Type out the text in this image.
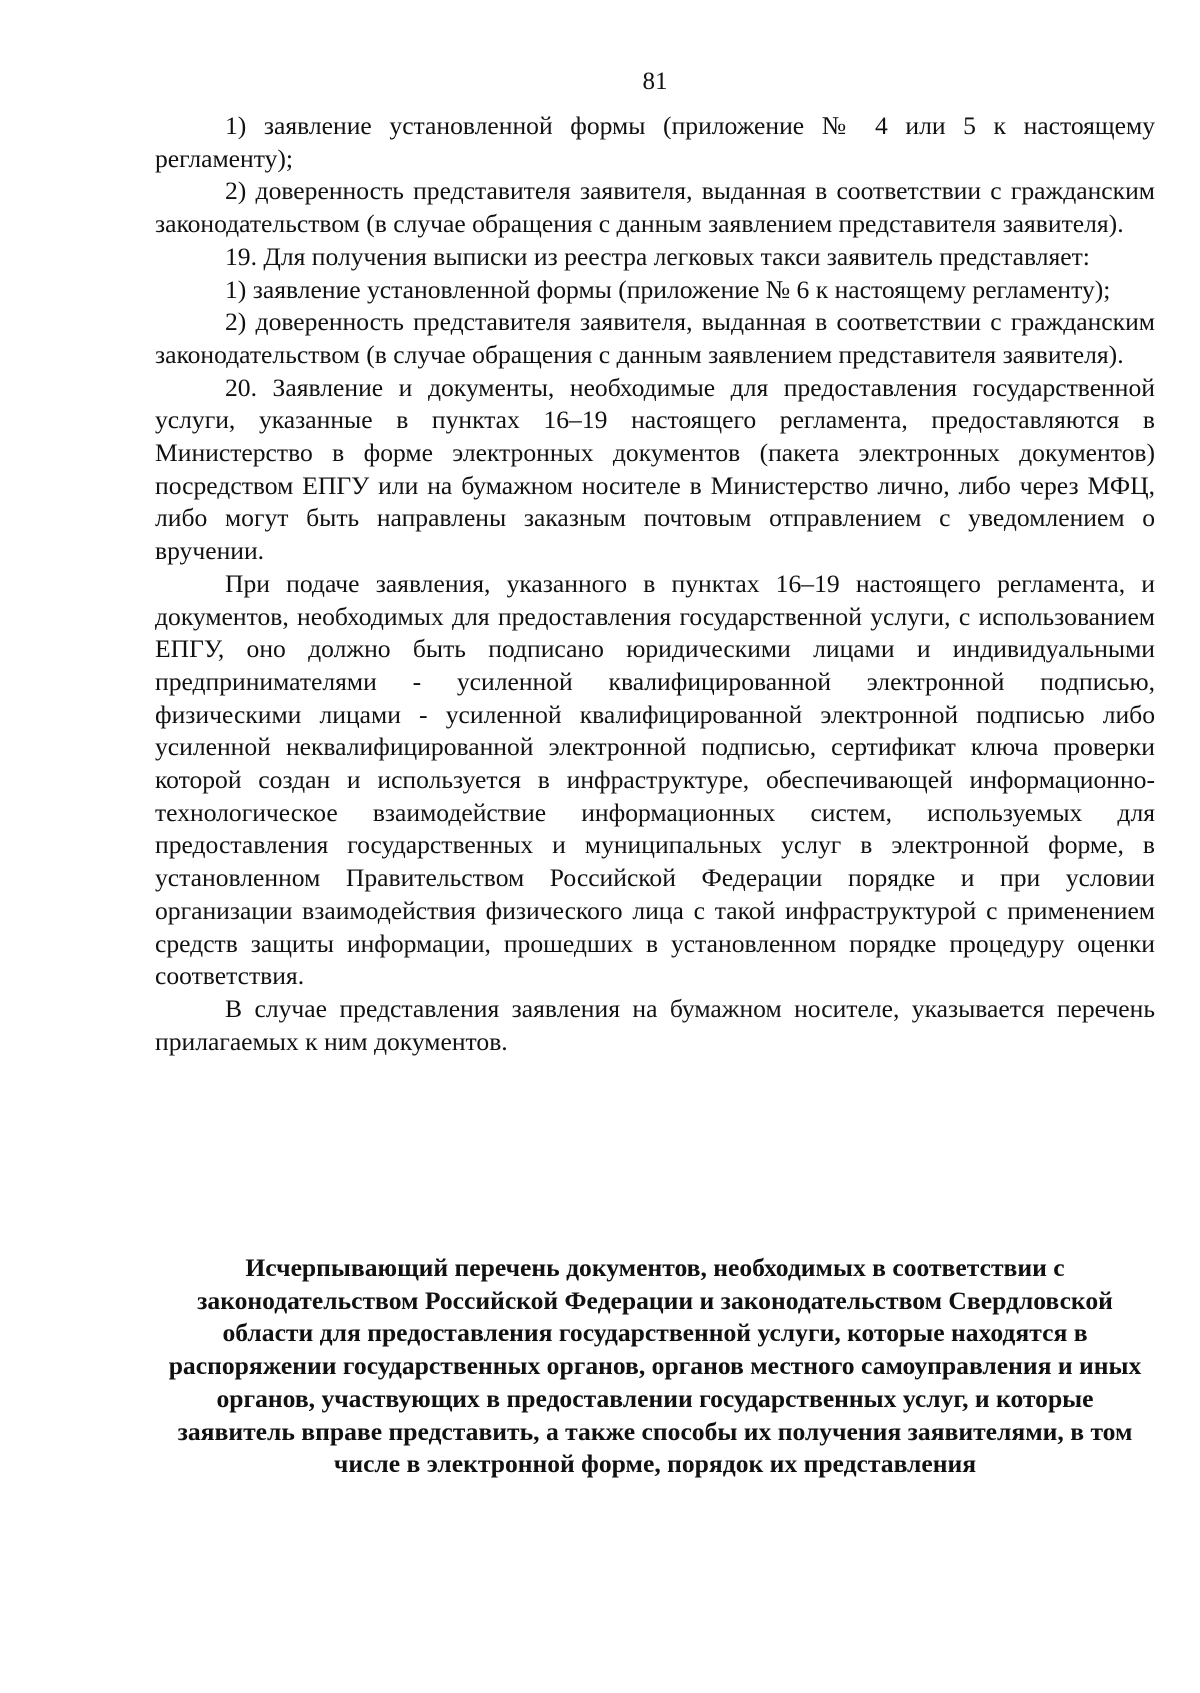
81

1) заявление установленной формы (приложение № 4 или 5 к настоящему регламенту);

2) доверенность представителя заявителя, выданная в соответствии с гражданским законодательством (в случае обращения с данным заявлением представителя заявителя).

19. Для получения выписки из реестра легковых такси заявитель представляет:

1) заявление установленной формы (приложение № 6 к настоящему регламенту);

2) доверенность представителя заявителя, выданная в соответствии с гражданским законодательством (в случае обращения с данным заявлением представителя заявителя).

20. Заявление и документы, необходимые для предоставления государственной услуги, указанные в пунктах 16–19 настоящего регламента, предоставляются в Министерство в форме электронных документов (пакета электронных документов) посредством ЕПГУ или на бумажном носителе в Министерство лично, либо через МФЦ, либо могут быть направлены заказным почтовым отправлением с уведомлением о вручении.

При подаче заявления, указанного в пунктах 16–19 настоящего регламента, и документов, необходимых для предоставления государственной услуги, с использованием ЕПГУ, оно должно быть подписано юридическими лицами и индивидуальными предпринимателями - усиленной квалифицированной электронной подписью, физическими лицами - усиленной квалифицированной электронной подписью либо усиленной неквалифицированной электронной подписью, сертификат ключа проверки которой создан и используется в инфраструктуре, обеспечивающей информационно-технологическое взаимодействие информационных систем, используемых для предоставления государственных и муниципальных услуг в электронной форме, в установленном Правительством Российской Федерации порядке и при условии организации взаимодействия физического лица с такой инфраструктурой с применением средств защиты информации, прошедших в установленном порядке процедуру оценки соответствия.

В случае представления заявления на бумажном носителе, указывается перечень прилагаемых к ним документов.

Исчерпывающий перечень документов, необходимых в соответствии с законодательством Российской Федерации и законодательством Свердловской области для предоставления государственной услуги, которые находятся в распоряжении государственных органов, органов местного самоуправления и иных органов, участвующих в предоставлении государственных услуг, и которые заявитель вправе представить, а также способы их получения заявителями, в том числе в электронной форме, порядок их представления
